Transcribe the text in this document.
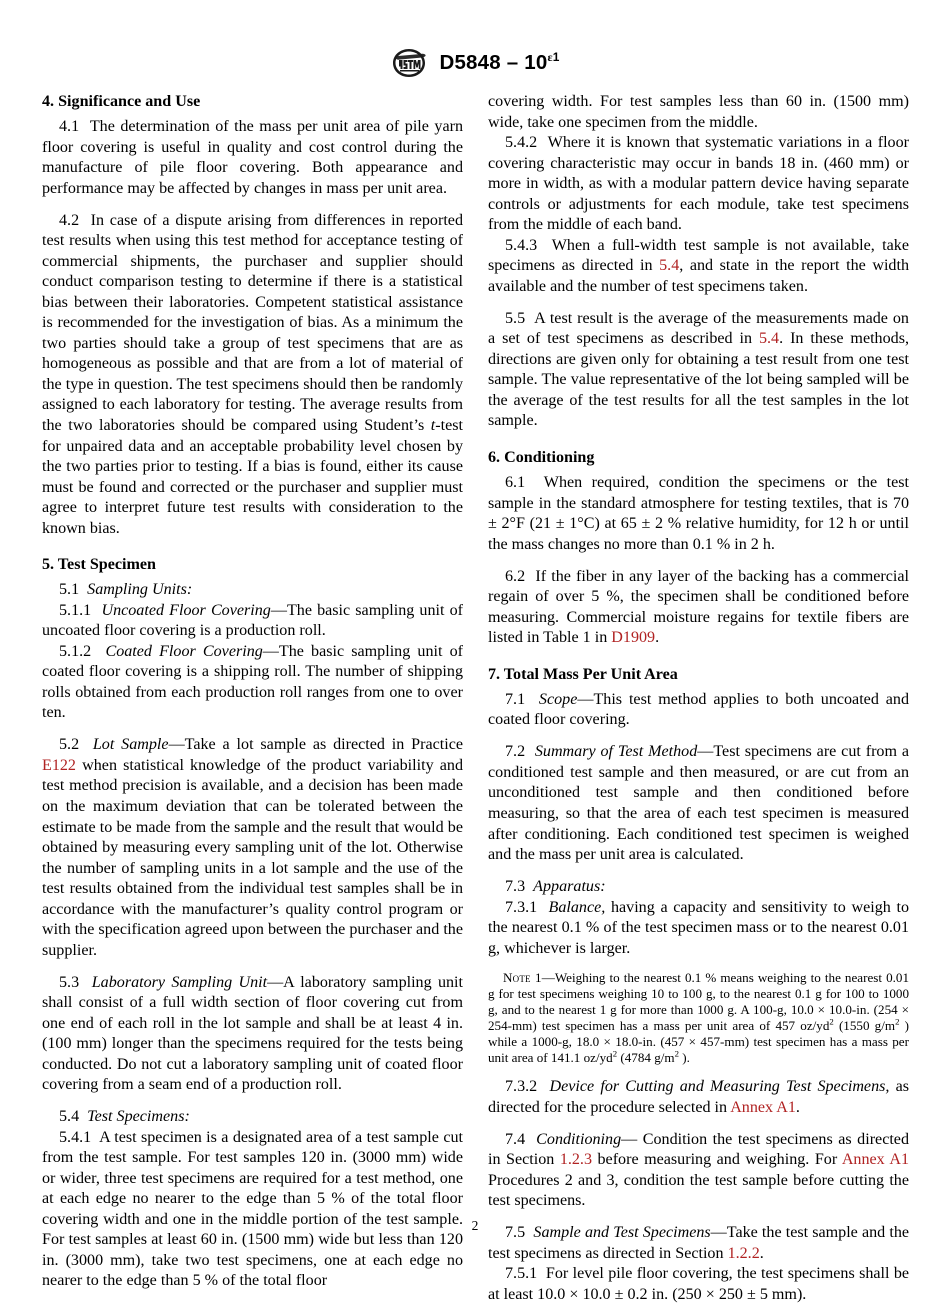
$D5848 - 10^{\varepsilon 1}$
4. Significance and Use

4.1 The determination of the mass per unit area of pile yarn floor covering is useful in quality and cost control during the manufacture of pile floor covering. Both appearance and performance may be affected by changes in mass per unit area.

4.2 In case of a dispute arising from differences in reported test results when using this test method for acceptance testing of commercial shipments, the purchaser and supplier should conduct comparison testing to determine if there is a statistical bias between their laboratories. Competent statistical assistance is recommended for the investigation of bias. As a minimum the two parties should take a group of test specimens that are as homogeneous as possible and that are from a lot of material of the type in question. The test specimens should then be randomly assigned to each laboratory for testing. The average results from the two laboratories should be compared using Student’s t-test for unpaired data and an acceptable probability level chosen by the two parties prior to testing. If a bias is found, either its cause must be found and corrected or the purchaser and supplier must agree to interpret future test results with consideration to the known bias.

5. Test Specimen

5.1 Sampling Units:

5.1.1 Uncoated Floor Covering—The basic sampling unit of uncoated floor covering is a production roll.

5.1.2 Coated Floor Covering—The basic sampling unit of coated floor covering is a shipping roll. The number of shipping rolls obtained from each production roll ranges from one to over ten.

5.2 Lot Sample—Take a lot sample as directed in Practice E122 when statistical knowledge of the product variability and test method precision is available, and a decision has been made on the maximum deviation that can be tolerated between the estimate to be made from the sample and the result that would be obtained by measuring every sampling unit of the lot. Otherwise the number of sampling units in a lot sample and the use of the test results obtained from the individual test samples shall be in accordance with the manufacturer’s quality control program or with the specification agreed upon between the purchaser and the supplier.

5.3 Laboratory Sampling Unit—A laboratory sampling unit shall consist of a full width section of floor covering cut from one end of each roll in the lot sample and shall be at least 4 in. (100 mm) longer than the specimens required for the tests being conducted. Do not cut a laboratory sampling unit of coated floor covering from a seam end of a production roll.

5.4 Test Specimens:

5.4.1 A test specimen is a designated area of a test sample cut from the test sample. For test samples 120 in. (3000 mm) wide or wider, three test specimens are required for a test method, one at each edge no nearer to the edge than 5 % of the total floor covering width and one in the middle portion of the test sample. For test samples at least 60 in. (1500 mm) wide but less than 120 in. (3000 mm), take two test specimens, one at each edge no nearer to the edge than 5 % of the total floor

covering width. For test samples less than 60 in. (1500 mm) wide, take one specimen from the middle.

5.4.2 Where it is known that systematic variations in a floor covering characteristic may occur in bands 18 in. (460 mm) or more in width, as with a modular pattern device having separate controls or adjustments for each module, take test specimens from the middle of each band.

5.4.3 When a full-width test sample is not available, take specimens as directed in 5.4, and state in the report the width available and the number of test specimens taken.

5.5 A test result is the average of the measurements made on a set of test specimens as described in 5.4. In these methods, directions are given only for obtaining a test result from one test sample. The value representative of the lot being sampled will be the average of the test results for all the test samples in the lot sample.

6. Conditioning

6.1 When required, condition the specimens or the test sample in the standard atmosphere for testing textiles, that is 70 ± 2°F (21 ± 1°C) at 65 ± 2 % relative humidity, for 12 h or until the mass changes no more than 0.1 % in 2 h.

6.2 If the fiber in any layer of the backing has a commercial regain of over 5 %, the specimen shall be conditioned before measuring. Commercial moisture regains for textile fibers are listed in Table 1 in D1909.

7. Total Mass Per Unit Area

7.1 Scope—This test method applies to both uncoated and coated floor covering.

7.2 Summary of Test Method—Test specimens are cut from a conditioned test sample and then measured, or are cut from an unconditioned test sample and then conditioned before measuring, so that the area of each test specimen is measured after conditioning. Each conditioned test specimen is weighed and the mass per unit area is calculated.

7.3 Apparatus:

7.3.1 Balance, having a capacity and sensitivity to weigh to the nearest 0.1 % of the test specimen mass or to the nearest 0.01 g, whichever is larger.

Note 1—Weighing to the nearest 0.1 % means weighing to the nearest 0.01 g for test specimens weighing 10 to 100 g, to the nearest 0.1 g for 100 to 1000 g, and to the nearest 1 g for more than 1000 g. A 100-g, 10.0 × 10.0-in. (254 × 254-mm) test specimen has a mass per unit area of 457 $oz/yd^2$ (1550 $g/m^2$ ) while a 1000-g, 18.0 × 18.0-in. (457 × 457-mm) test specimen has a mass per unit area of 141.1 $oz/yd^2$ (4784 $g/m^2$ ).

7.3.2 Device for Cutting and Measuring Test Specimens, as directed for the procedure selected in Annex A1.

7.4 Conditioning— Condition the test specimens as directed in Section 1.2.3 before measuring and weighing. For Annex A1 Procedures 2 and 3, condition the test sample before cutting the test specimens.

7.5 Sample and Test Specimens—Take the test sample and the test specimens as directed in Section 1.2.2.

7.5.1 For level pile floor covering, the test specimens shall be at least 10.0 × 10.0 ± 0.2 in. (250 × 250 ± 5 mm).

2
